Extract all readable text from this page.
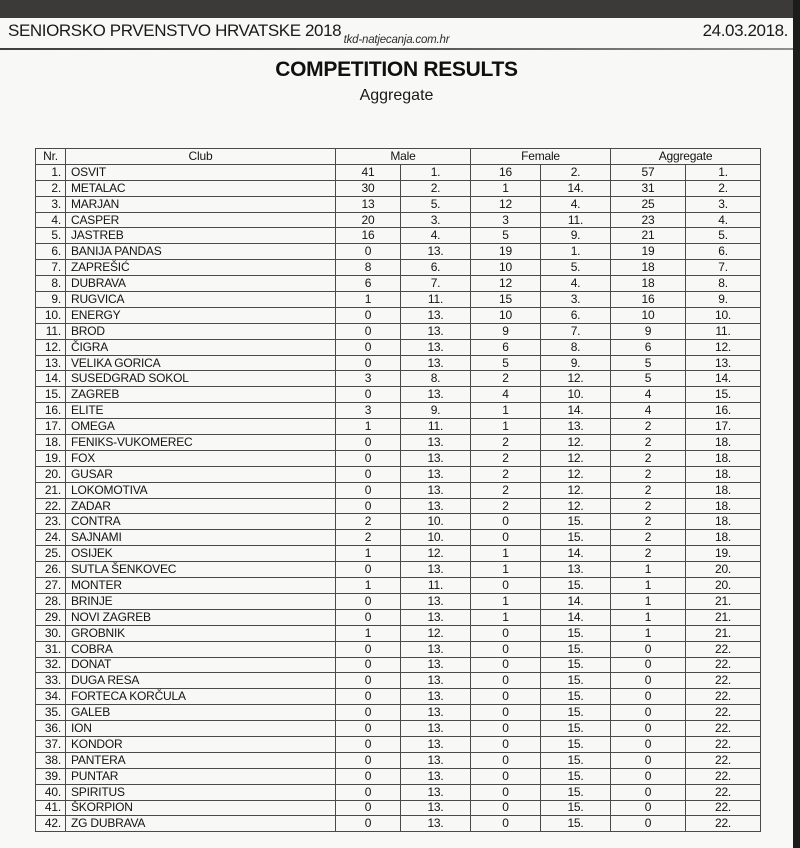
SENIORSKO PRVENSTVO HRVATSKE 2018	24.03.2018.
tkd-natjecanja.com.hr
COMPETITION RESULTS
Aggregate
Nr.	Club	Male		Female		Aggregate	
1.	OSVIT	41	1.	16	2.	57	1.
2.	METALAC	30	2.	1	14.	31	2.
3.	MARJAN	13	5.	12	4.	25	3.
4.	CASPER	20	3.	3	11.	23	4.
5.	JASTREB	16	4.	5	9.	21	5.
6.	BANIJA PANDAS	0	13.	19	1.	19	6.
7.	ZAPREŠIĆ	8	6.	10	5.	18	7.
8.	DUBRAVA	6	7.	12	4.	18	8.
9.	RUGVICA	1	11.	15	3.	16	9.
10.	ENERGY	0	13.	10	6.	10	10.
11.	BROD	0	13.	9	7.	9	11.
12.	ČIGRA	0	13.	6	8.	6	12.
13.	VELIKA GORICA	0	13.	5	9.	5	13.
14.	SUSEDGRAD SOKOL	3	8.	2	12.	5	14.
15.	ZAGREB	0	13.	4	10.	4	15.
16.	ELITE	3	9.	1	14.	4	16.
17.	OMEGA	1	11.	1	13.	2	17.
18.	FENIKS-VUKOMEREC	0	13.	2	12.	2	18.
19.	FOX	0	13.	2	12.	2	18.
20.	GUSAR	0	13.	2	12.	2	18.
21.	LOKOMOTIVA	0	13.	2	12.	2	18.
22.	ZADAR	0	13.	2	12.	2	18.
23.	CONTRA	2	10.	0	15.	2	18.
24.	SAJNAMI	2	10.	0	15.	2	18.
25.	OSIJEK	1	12.	1	14.	2	19.
26.	SUTLA ŠENKOVEC	0	13.	1	13.	1	20.
27.	MONTER	1	11.	0	15.	1	20.
28.	BRINJE	0	13.	1	14.	1	21.
29.	NOVI ZAGREB	0	13.	1	14.	1	21.
30.	GROBNIK	1	12.	0	15.	1	21.
31.	COBRA	0	13.	0	15.	0	22.
32.	DONAT	0	13.	0	15.	0	22.
33.	DUGA RESA	0	13.	0	15.	0	22.
34.	FORTECA KORČULA	0	13.	0	15.	0	22.
35.	GALEB	0	13.	0	15.	0	22.
36.	ION	0	13.	0	15.	0	22.
37.	KONDOR	0	13.	0	15.	0	22.
38.	PANTERA	0	13.	0	15.	0	22.
39.	PUNTAR	0	13.	0	15.	0	22.
40.	SPIRITUS	0	13.	0	15.	0	22.
41.	ŠKORPION	0	13.	0	15.	0	22.
42.	ZG DUBRAVA	0	13.	0	15.	0	22.
